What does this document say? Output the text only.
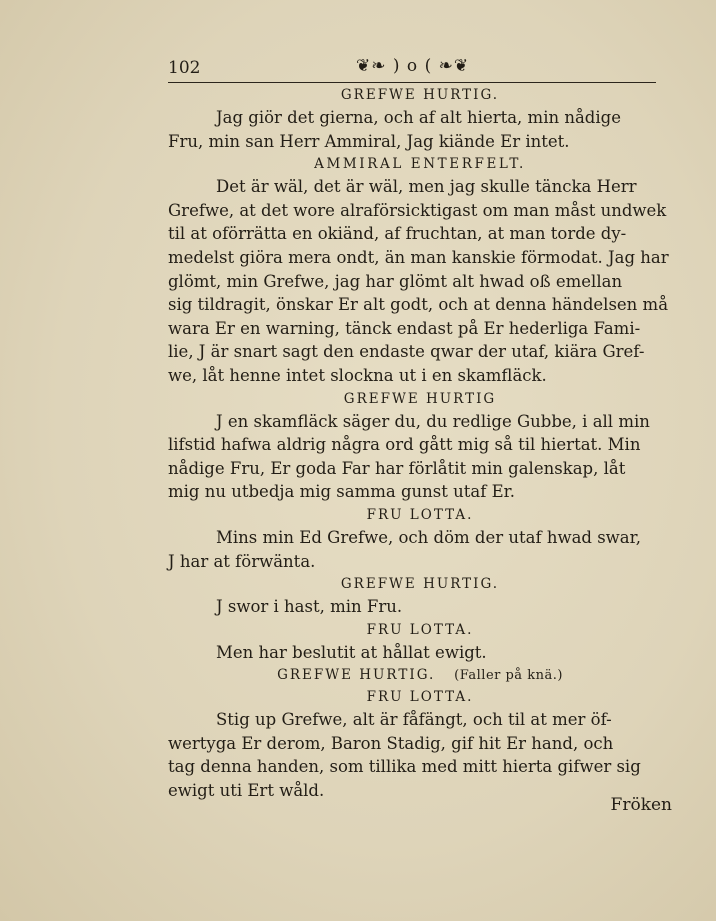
102	❦❧ ) o ( ❧❦
GREFWE HURTIG.

Jag giör det gierna, och af alt hierta, min nådige
Fru, min san Herr Ammiral, Jag kiände Er intet.

AMMIRAL ENTERFELT.

Det är wäl, det är wäl, men jag skulle täncka Herr
Grefwe, at det wore alraförsicktigast om man måst undwek
til at oförrätta en okiänd, af fruchtan, at man torde dy-
medelst giöra mera ondt, än man kanskie förmodat. Jag har
glömt, min Grefwe, jag har glömt alt hwad oß emellan
sig tildragit, önskar Er alt godt, och at denna händelsen må
wara Er en warning, tänck endast på Er hederliga Fami-
lie, J är snart sagt den endaste qwar der utaf, kiära Gref-
we, låt henne intet slockna ut i en skamfläck.

GREFWE HURTIG

J en skamfläck säger du, du redlige Gubbe, i all min
lifstid hafwa aldrig några ord gått mig så til hiertat. Min
nådige Fru, Er goda Far har förlåtit min galenskap, låt
mig nu utbedja mig samma gunst utaf Er.

FRU LOTTA.

Mins min Ed Grefwe, och döm der utaf hwad swar,
J har at förwänta.

GREFWE HURTIG.

J swor i hast, min Fru.

FRU LOTTA.

Men har beslutit at hållat ewigt.

GREFWE HURTIG. (Faller på knä.)
FRU LOTTA.

Stig up Grefwe, alt är fåfängt, och til at mer öf-
wertyga Er derom, Baron Stadig, gif hit Er hand, och
tag denna handen, som tillika med mitt hierta gifwer sig
ewigt uti Ert wåld.

Fröken
